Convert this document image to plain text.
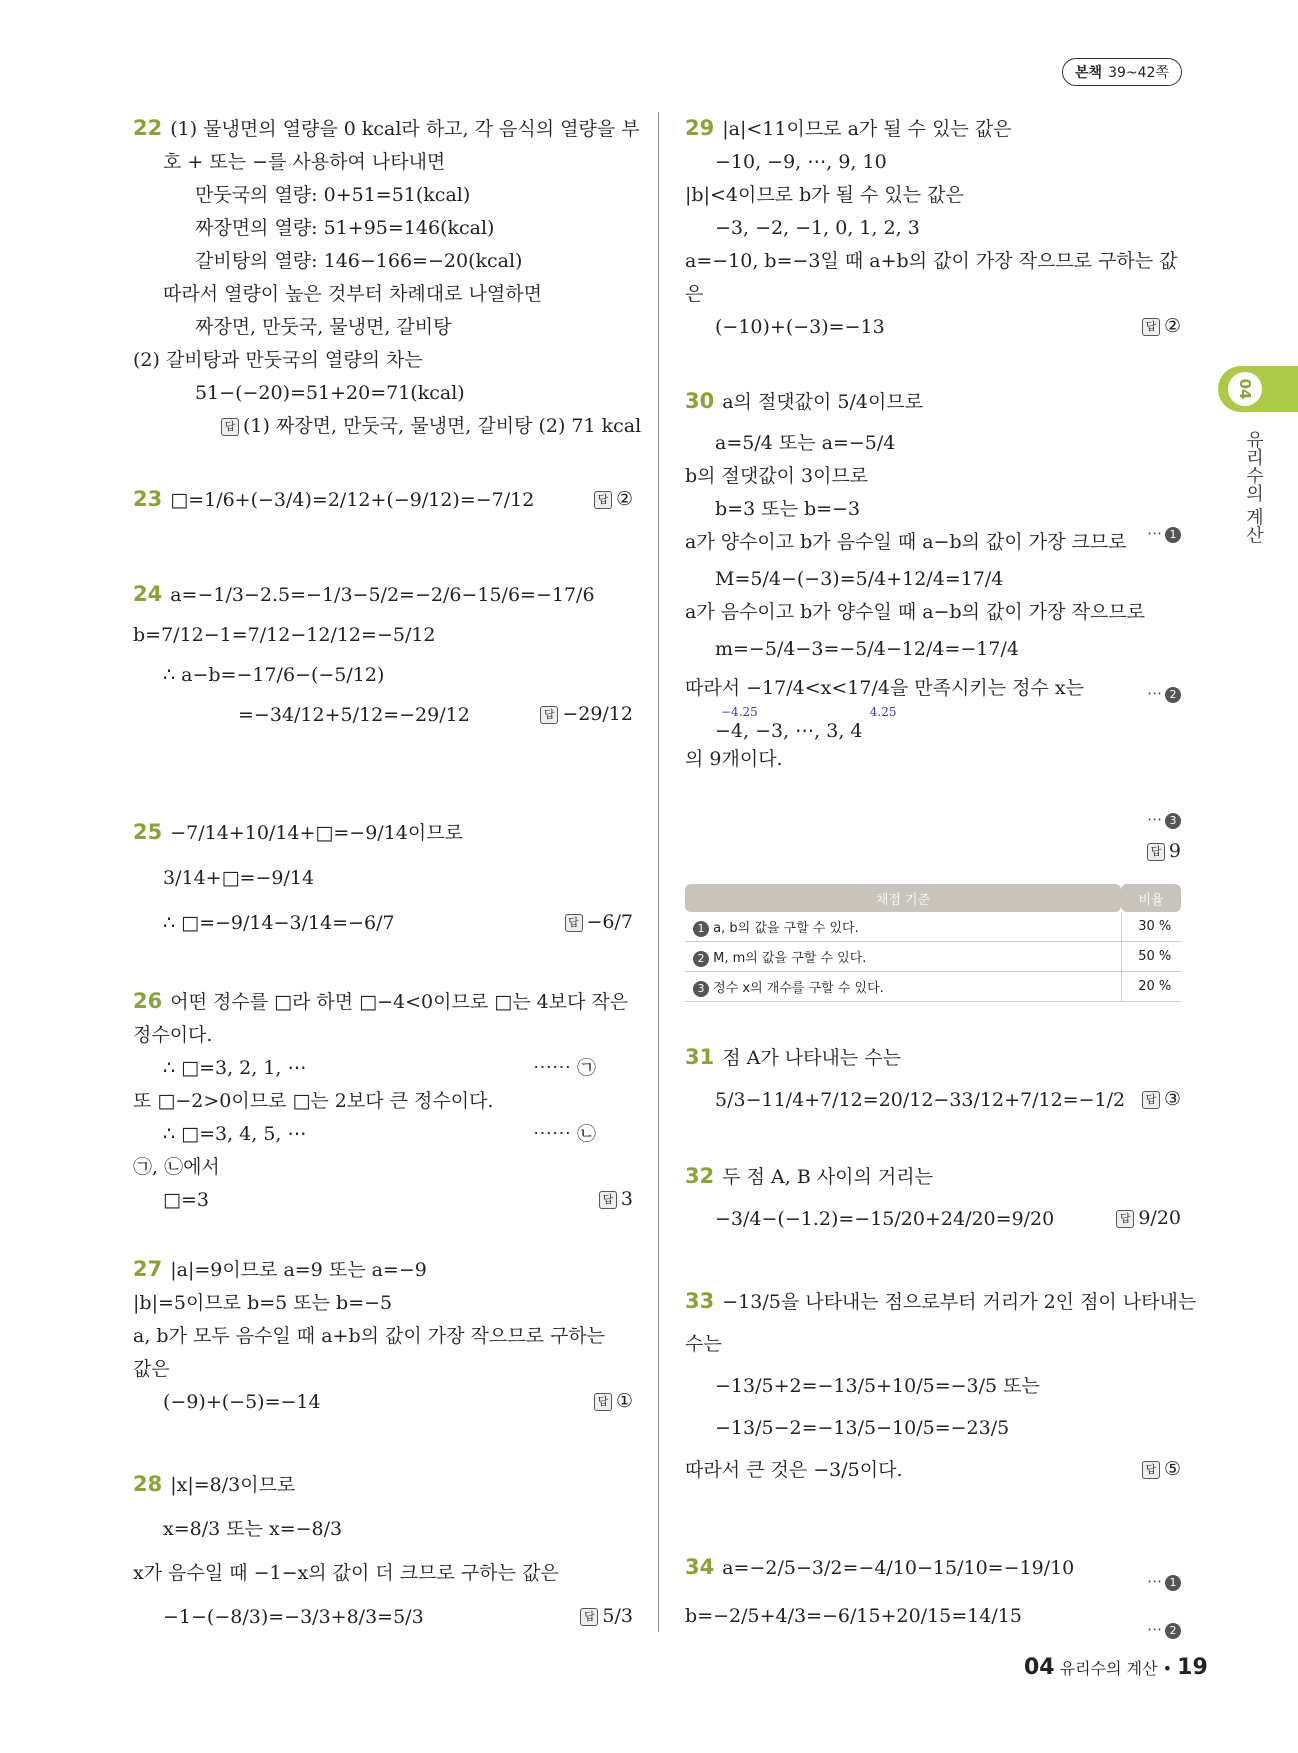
본책 39~42쪽
04
유리수의 계산
22 (1) 물냉면의 열량을 0 kcal라 하고, 각 음식의 열량을 부
호 + 또는 −를 사용하여 나타내면
만둣국의 열량: 0+51=51(kcal)
짜장면의 열량: 51+95=146(kcal)
갈비탕의 열량: 146−166=−20(kcal)
따라서 열량이 높은 것부터 차례대로 나열하면
짜장면, 만둣국, 물냉면, 갈비탕
(2) 갈비탕과 만둣국의 열량의 차는
51−(−20)=51+20=71(kcal)
답 (1) 짜장면, 만둣국, 물냉면, 갈비탕 (2) 71 kcal
23 □=1/6+(−3/4)=2/12+(−9/12)=−7/12	답 ②
24 a=−1/3−2.5=−1/3−5/2=−2/6−15/6=−17/6
b=7/12−1=7/12−12/12=−5/12
∴ a−b=−17/6−(−5/12)
=−34/12+5/12=−29/12	답 −29/12
25 −7/14+10/14+□=−9/14이므로
3/14+□=−9/14
∴ □=−9/14−3/14=−6/7	답 −6/7
26 어떤 정수를 □라 하면 □−4<0이므로 □는 4보다 작은
정수이다.
∴ □=3, 2, 1, ⋯	⋯⋯ ㉠
또 □−2>0이므로 □는 2보다 큰 정수이다.
∴ □=3, 4, 5, ⋯	⋯⋯ ㉡
㉠, ㉡에서
□=3	답 3
27 |a|=9이므로 a=9 또는 a=−9
|b|=5이므로 b=5 또는 b=−5
a, b가 모두 음수일 때 a+b의 값이 가장 작으므로 구하는
값은
(−9)+(−5)=−14	답 ①
28 |x|=8/3이므로
x=8/3 또는 x=−8/3
x가 음수일 때 −1−x의 값이 더 크므로 구하는 값은
−1−(−8/3)=−3/3+8/3=5/3	답 5/3
29 |a|<11이므로 a가 될 수 있는 값은
−10, −9, ⋯, 9, 10
|b|<4이므로 b가 될 수 있는 값은
−3, −2, −1, 0, 1, 2, 3
a=−10, b=−3일 때 a+b의 값이 가장 작으므로 구하는 값
은
(−10)+(−3)=−13	답 ②
30 a의 절댓값이 5/4이므로
a=5/4 또는 a=−5/4
b의 절댓값이 3이므로
b=3 또는 b=−3
a가 양수이고 b가 음수일 때 a−b의 값이 가장 크므로
M=5/4−(−3)=5/4+12/4=17/4
a가 음수이고 b가 양수일 때 a−b의 값이 가장 작으므로
m=−5/4−3=−5/4−12/4=−17/4
따라서 −17/4<x<17/4을 만족시키는 정수 x는
−4.25	4.25
−4, −3, ⋯, 3, 4
의 9개이다.
⋯ 1
⋯ 2
⋯ 3
답 9
채점 기준	비율
1 a, b의 값을 구할 수 있다.	30 %
2 M, m의 값을 구할 수 있다.	50 %
3 정수 x의 개수를 구할 수 있다.	20 %
31 점 A가 나타내는 수는
5/3−11/4+7/12=20/12−33/12+7/12=−1/2	답 ③
32 두 점 A, B 사이의 거리는
−3/4−(−1.2)=−15/20+24/20=9/20	답 9/20
33 −13/5을 나타내는 점으로부터 거리가 2인 점이 나타내는
수는
−13/5+2=−13/5+10/5=−3/5 또는
−13/5−2=−13/5−10/5=−23/5
따라서 큰 것은 −3/5이다.	답 ⑤
34 a=−2/5−3/2=−4/10−15/10=−19/10
b=−2/5+4/3=−6/15+20/15=14/15
⋯ 1
⋯ 2
04 유리수의 계산 • 19
